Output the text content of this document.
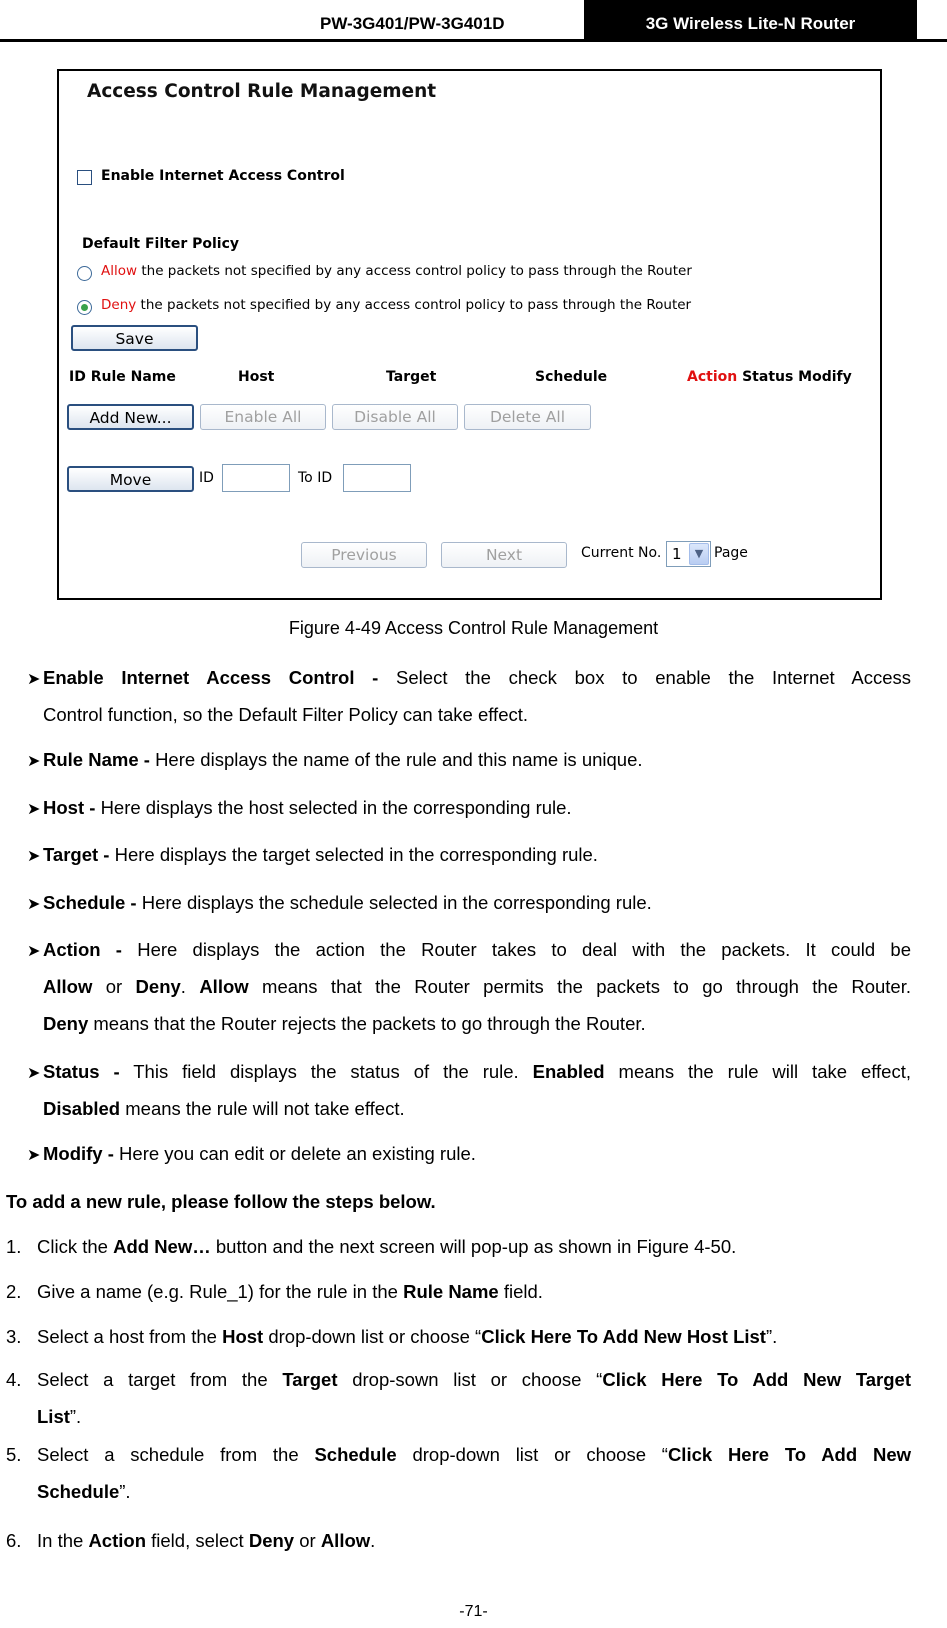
PW-3G401/PW-3G401D	3G Wireless Lite-N Router
Access Control Rule Management
Enable Internet Access Control
Default Filter Policy
Allow the packets not specified by any access control policy to pass through the Router
Deny the packets not specified by any access control policy to pass through the Router
Save
ID Rule Name	Host	Target	Schedule	Action Status Modify
Add New...	Enable All	Disable All	Delete All
Move	ID	To ID
Previous	Next	Current No. 1	▼ Page
Figure 4-49 Access Control Rule Management
➤ Enable Internet Access Control - Select the check box to enable the Internet Access
Control function, so the Default Filter Policy can take effect.
➤ Rule Name - Here displays the name of the rule and this name is unique.
➤ Host - Here displays the host selected in the corresponding rule.
➤ Target - Here displays the target selected in the corresponding rule.
➤ Schedule - Here displays the schedule selected in the corresponding rule.
➤ Action - Here displays the action the Router takes to deal with the packets. It could be
Allow or Deny. Allow means that the Router permits the packets to go through the Router.
Deny means that the Router rejects the packets to go through the Router.
➤ Status - This field displays the status of the rule. Enabled means the rule will take effect,
Disabled means the rule will not take effect.
➤ Modify - Here you can edit or delete an existing rule.
To add a new rule, please follow the steps below.
1. Click the Add New… button and the next screen will pop-up as shown in Figure 4-50.
2. Give a name (e.g. Rule_1) for the rule in the Rule Name field.
3. Select a host from the Host drop-down list or choose “Click Here To Add New Host List”.
4. Select a target from the Target drop-sown list or choose “Click Here To Add New Target
List”.
5. Select a schedule from the Schedule drop-down list or choose “Click Here To Add New
Schedule”.
6. In the Action field, select Deny or Allow.
-71-
